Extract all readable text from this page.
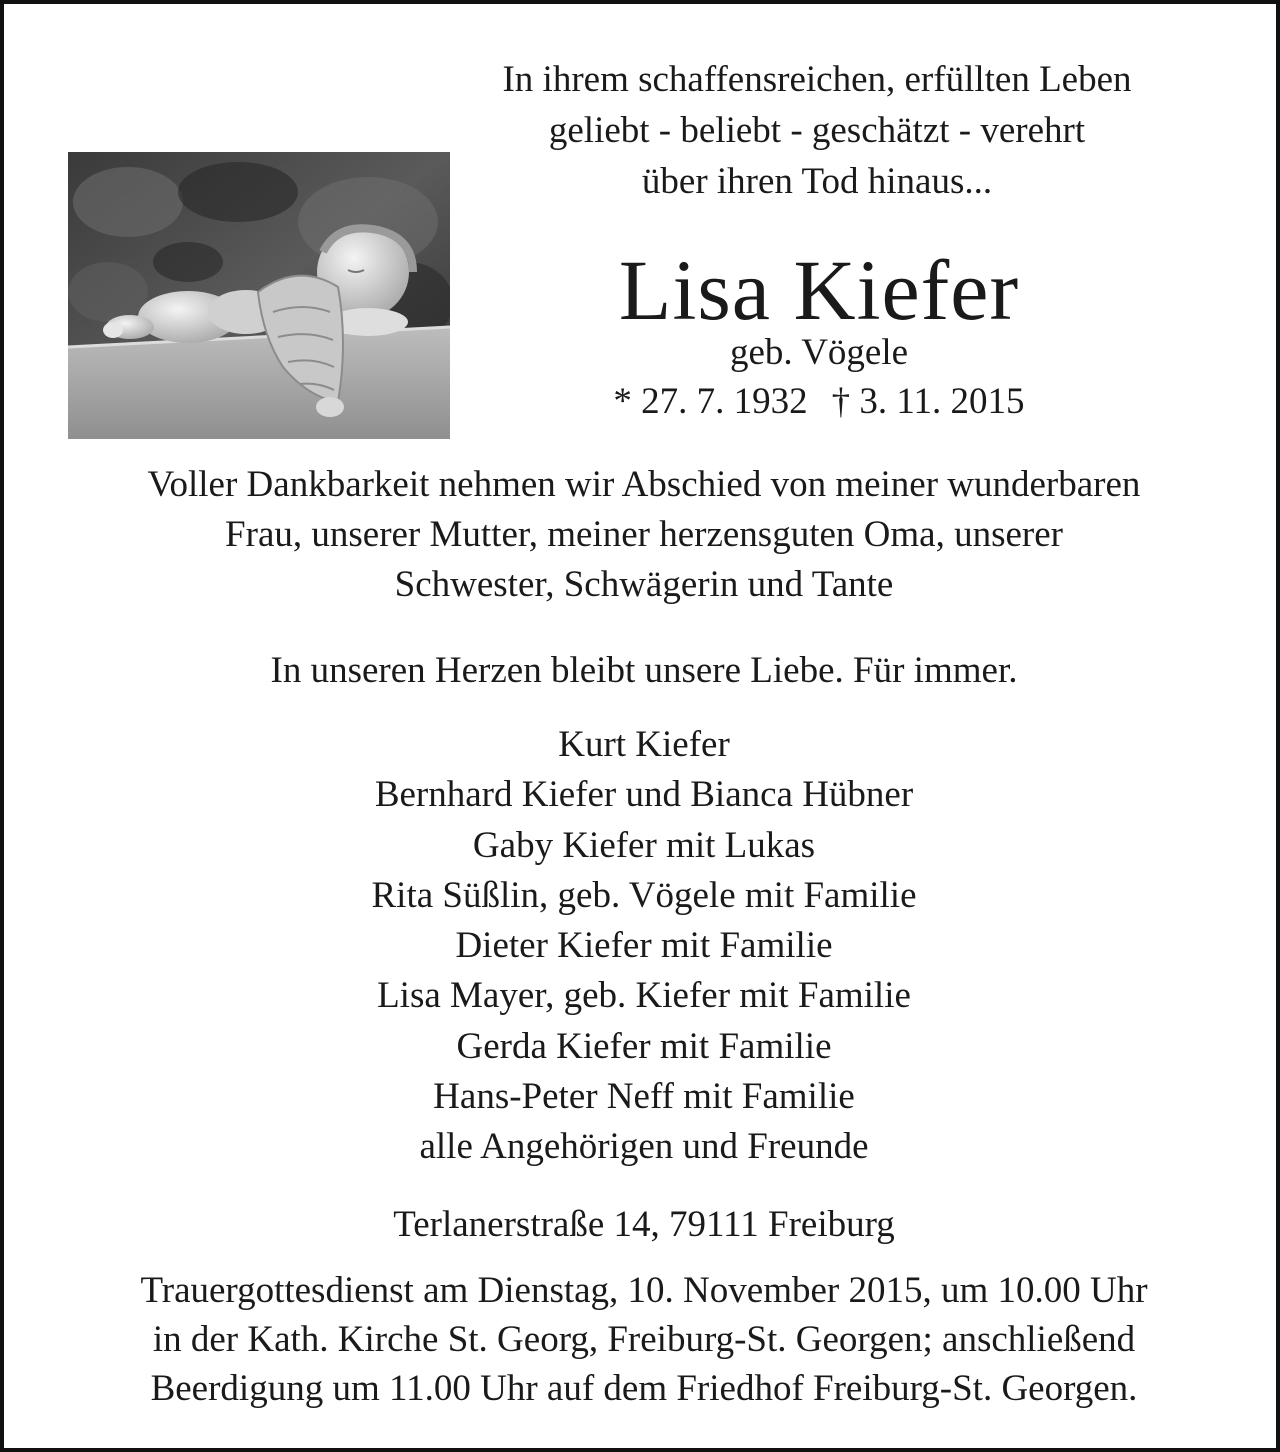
In ihrem schaffensreichen, erfüllten Leben
geliebt - beliebt - geschätzt - verehrt
über ihren Tod hinaus...
Lisa Kiefer
geb. Vögele
* 27. 7. 1932 † 3. 11. 2015
Voller Dankbarkeit nehmen wir Abschied von meiner wunderbaren
Frau, unserer Mutter, meiner herzensguten Oma, unserer
Schwester, Schwägerin und Tante
In unseren Herzen bleibt unsere Liebe. Für immer.
Kurt Kiefer
Bernhard Kiefer und Bianca Hübner
Gaby Kiefer mit Lukas
Rita Süßlin, geb. Vögele mit Familie
Dieter Kiefer mit Familie
Lisa Mayer, geb. Kiefer mit Familie
Gerda Kiefer mit Familie
Hans-Peter Neff mit Familie
alle Angehörigen und Freunde
Terlanerstraße 14, 79111 Freiburg
Trauergottesdienst am Dienstag, 10. November 2015, um 10.00 Uhr
in der Kath. Kirche St. Georg, Freiburg-St. Georgen; anschließend
Beerdigung um 11.00 Uhr auf dem Friedhof Freiburg-St. Georgen.
